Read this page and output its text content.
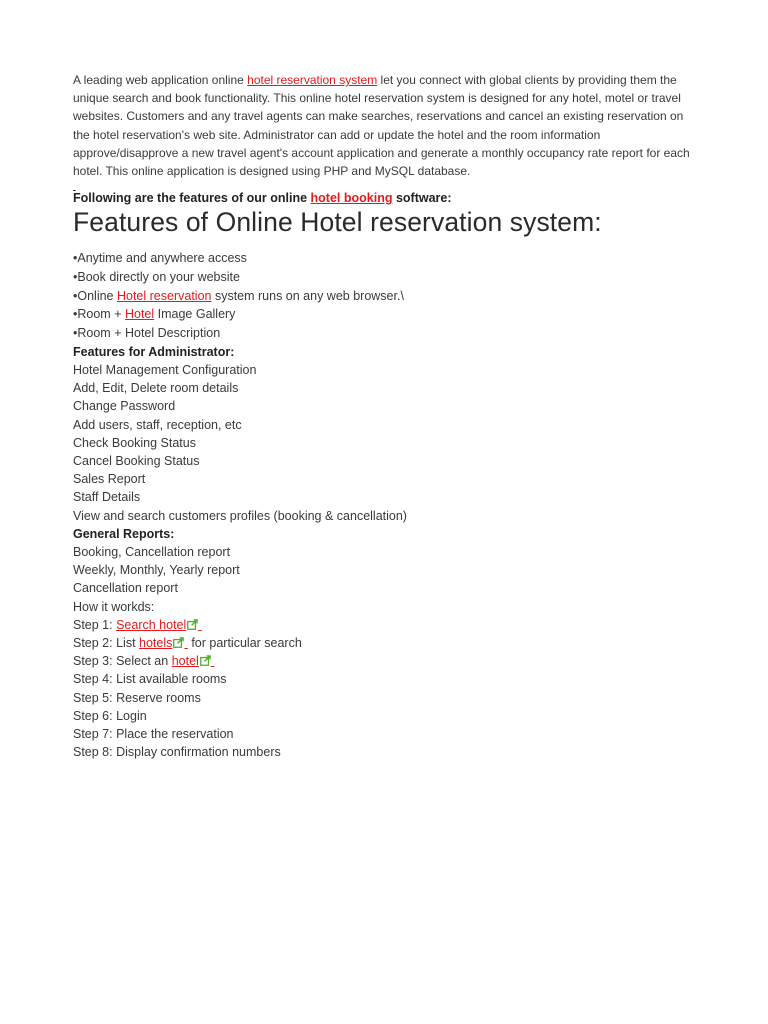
A leading web application online hotel reservation system let you connect with global clients by providing them the unique search and book functionality. This online hotel reservation system is designed for any hotel, motel or travel websites. Customers and any travel agents can make searches, reservations and cancel an existing reservation on the hotel reservation's web site. Administrator can add or update the hotel and the room information approve/disapprove a new travel agent's account application and generate a monthly occupancy rate report for each hotel. This online application is designed using PHP and MySQL database.

Following are the features of our online hotel booking software:

Features of Online Hotel reservation system:
•Anytime and anywhere access
•Book directly on your website
•Online Hotel reservation system runs on any web browser.\
•Room + Hotel Image Gallery
•Room + Hotel Description
Features for Administrator:
Hotel Management Configuration
Add, Edit, Delete room details
Change Password
Add users, staff, reception, etc
Check Booking Status
Cancel Booking Status
Sales Report
Staff Details
View and search customers profiles (booking & cancellation)
General Reports:
Booking, Cancellation report
Weekly, Monthly, Yearly report
Cancellation report
How it workds:
Step 1: Search hotel
Step 2: List hotels  for particular search
Step 3: Select an hotel
Step 4: List available rooms
Step 5: Reserve rooms
Step 6: Login
Step 7: Place the reservation
Step 8: Display confirmation numbers
